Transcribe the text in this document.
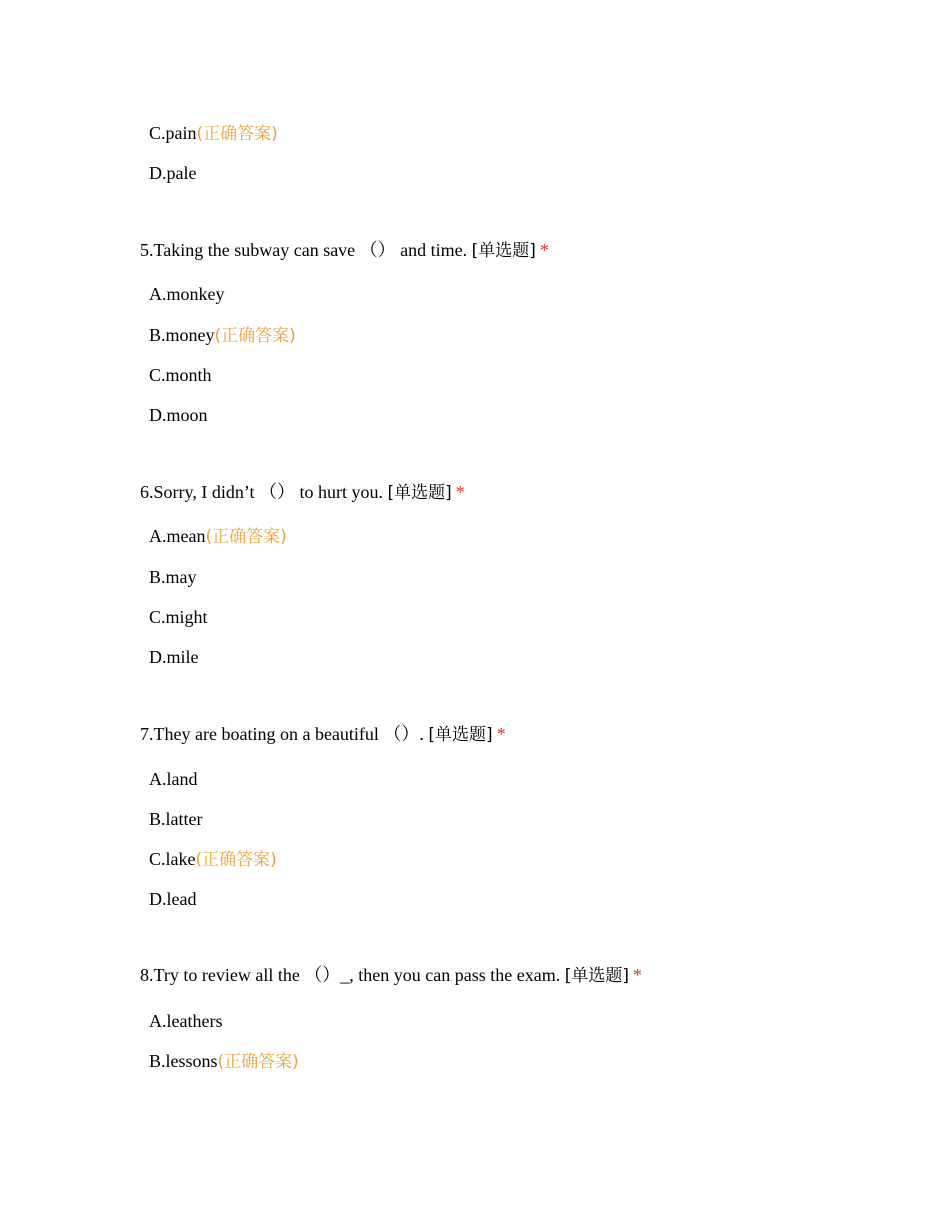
C.pain(正确答案)
D.pale
5.Taking the subway can save （） and time. [单选题] *
A.monkey
B.money(正确答案)
C.month
D.moon
6.Sorry, I didn’t （） to hurt you. [单选题] *
A.mean(正确答案)
B.may
C.might
D.mile
7.They are boating on a beautiful （）. [单选题] *
A.land
B.latter
C.lake(正确答案)
D.lead
8.Try to review all the （）_, then you can pass the exam. [单选题] *
A.leathers
B.lessons(正确答案)
